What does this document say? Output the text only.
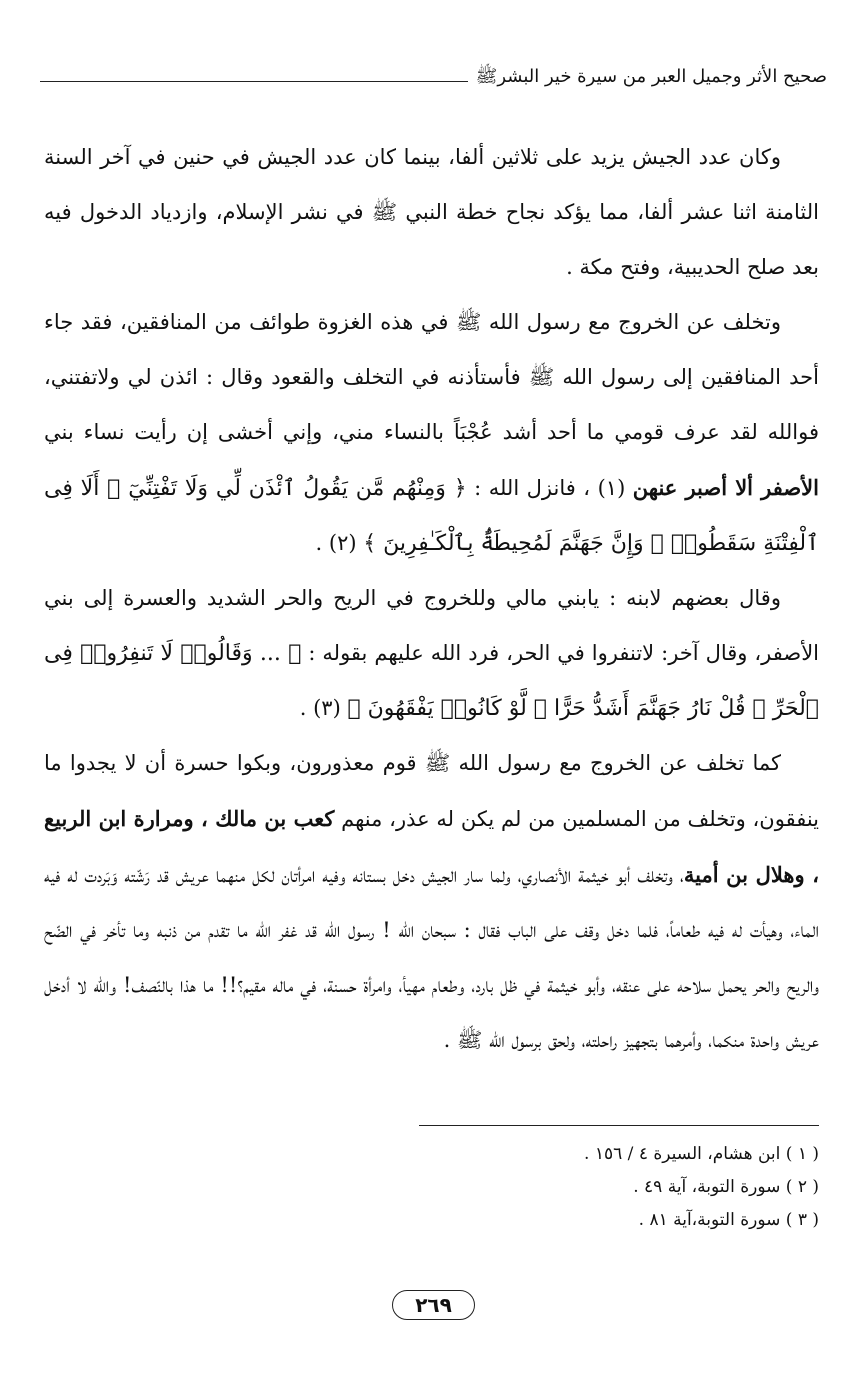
صحيح الأثر وجميل العبر من سيرة خير البشرﷺ

وكان عدد الجيش يزيد على ثلاثين ألفا، بينما كان عدد الجيش في حنين في آخر السنة الثامنة اثنا عشر ألفا، مما يؤكد نجاح خطة النبي ﷺ في نشر الإسلام، وازدياد الدخول فيه بعد صلح الحديبية، وفتح مكة .

وتخلف عن الخروج مع رسول الله ﷺ في هذه الغزوة طوائف من المنافقين، فقد جاء أحد المنافقين إلى رسول الله ﷺ فأستأذنه في التخلف والقعود وقال : ائذن لي ولاتفتني، فوالله لقد عرف قومي ما أحد أشد عُجْبَاً بالنساء مني، وإني أخشى إن رأيت نساء بني الأصفر ألا أصبر عنهن (١) ، فانزل الله : ﴿ وَمِنْهُم مَّن يَقُولُ ٱئْذَن لِّي وَلَا تَفْتِنِّيٓ ۚ أَلَا فِى ٱلْفِتْنَةِ سَقَطُوا۟ ۗ وَإِنَّ جَهَنَّمَ لَمُحِيطَةٌۢ بِٱلْكَـٰفِرِينَ ﴾ (٢) .

وقال بعضهم لابنه : يابني مالي وللخروج في الريح والحر الشديد والعسرة إلى بني الأصفر، وقال آخر: لاتنفروا في الحر، فرد الله عليهم بقوله : ﴿ ... وَقَالُوا۟ لَا تَنفِرُوا۟ فِى ٱلْحَرِّ ۗ قُلْ نَارُ جَهَنَّمَ أَشَدُّ حَرًّا ۚ لَّوْ كَانُوا۟ يَفْقَهُونَ ﴾ (٣) .

كما تخلف عن الخروج مع رسول الله ﷺ قوم معذورون، وبكوا حسرة أن لا يجدوا ما ينفقون، وتخلف من المسلمين من لم يكن له عذر، منهم كعب بن مالك ، ومرارة ابن الربيع ، وهلال بن أمية، وتخلف أبو خيثمة الأنصاري، ولما سار الجيش دخل بستانه وفيه امرأتان لكل منهما عريش قد رَشّته وَبَردت له فيه الماء، وهيأت له فيه طعاماً، فلما دخل وقف على الباب فقال : سبحان الله ! رسول الله قد غفر الله ما تقدم من ذنبه وما تأخر في الضّح والريح والحر يحمل سلاحه على عنقه، وأبو خيثمة في ظل بارد، وطعام مهيأ، وامرأة حسنة، في ماله مقيم؟!! ما هذا بالنّصف! والله لا أدخل عريش واحدة منكما، وأمرهما بتجهيز راحلته، ولحق برسول الله ﷺ .

( ١ ) ابن هشام، السيرة ٤ / ١٥٦ .

( ٢ ) سورة التوبة، آية ٤٩ .

( ٣ ) سورة التوبة،آية ٨١ .

٢٦٩
